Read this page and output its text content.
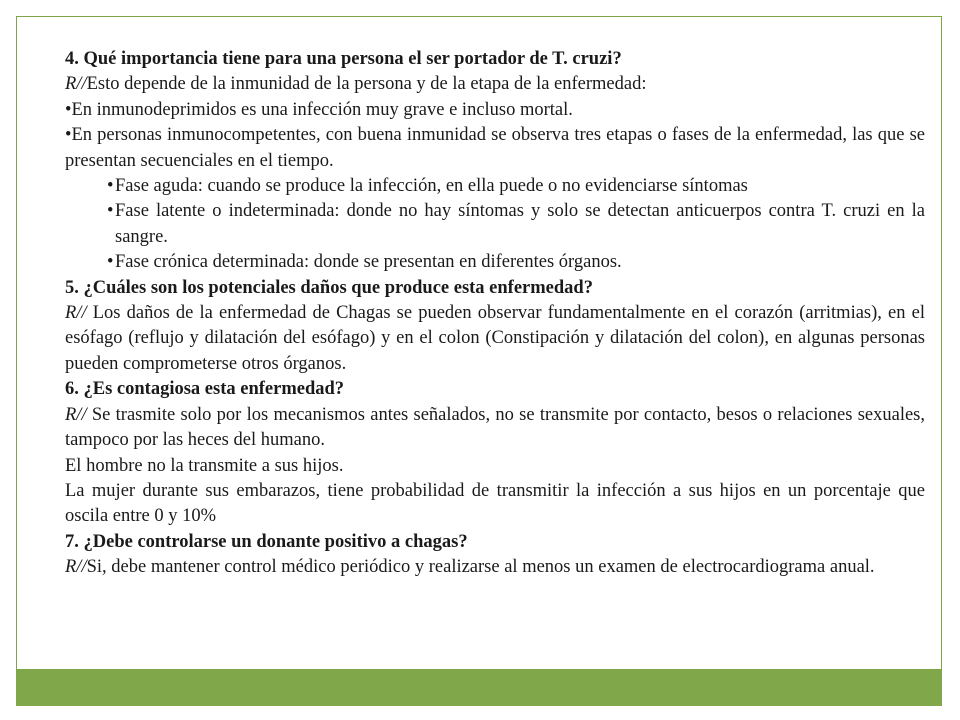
4. Qué importancia tiene para una persona el ser portador de T. cruzi?

R//Esto depende de la inmunidad de la persona y de la etapa de la enfermedad:

•En inmunodeprimidos es una infección muy grave e incluso mortal.

•En personas inmunocompetentes, con buena inmunidad se observa tres etapas o fases de la enfermedad, las que se presentan secuenciales en el tiempo.

•Fase aguda: cuando se produce la infección, en ella puede o no evidenciarse síntomas

•Fase latente o indeterminada: donde no hay síntomas y solo se detectan anticuerpos contra T. cruzi en la sangre.

•Fase crónica determinada: donde se presentan en diferentes órganos.

5. ¿Cuáles son los potenciales daños que produce esta enfermedad?

R// Los daños de la enfermedad de Chagas se pueden observar fundamentalmente en el corazón (arritmias), en el esófago (reflujo y dilatación del esófago) y en el colon (Constipación y dilatación del colon), en algunas personas pueden comprometerse otros órganos.

6. ¿Es contagiosa esta enfermedad?

R// Se trasmite solo por los mecanismos antes señalados, no se transmite por contacto, besos o relaciones sexuales, tampoco por las heces del humano.

El hombre no la transmite a sus hijos.

La mujer durante sus embarazos, tiene probabilidad de transmitir la infección a sus hijos en un porcentaje que oscila entre 0 y 10%

7. ¿Debe controlarse un donante positivo a chagas?

R//Si, debe mantener control médico periódico y realizarse al menos un examen de electrocardiograma anual.
